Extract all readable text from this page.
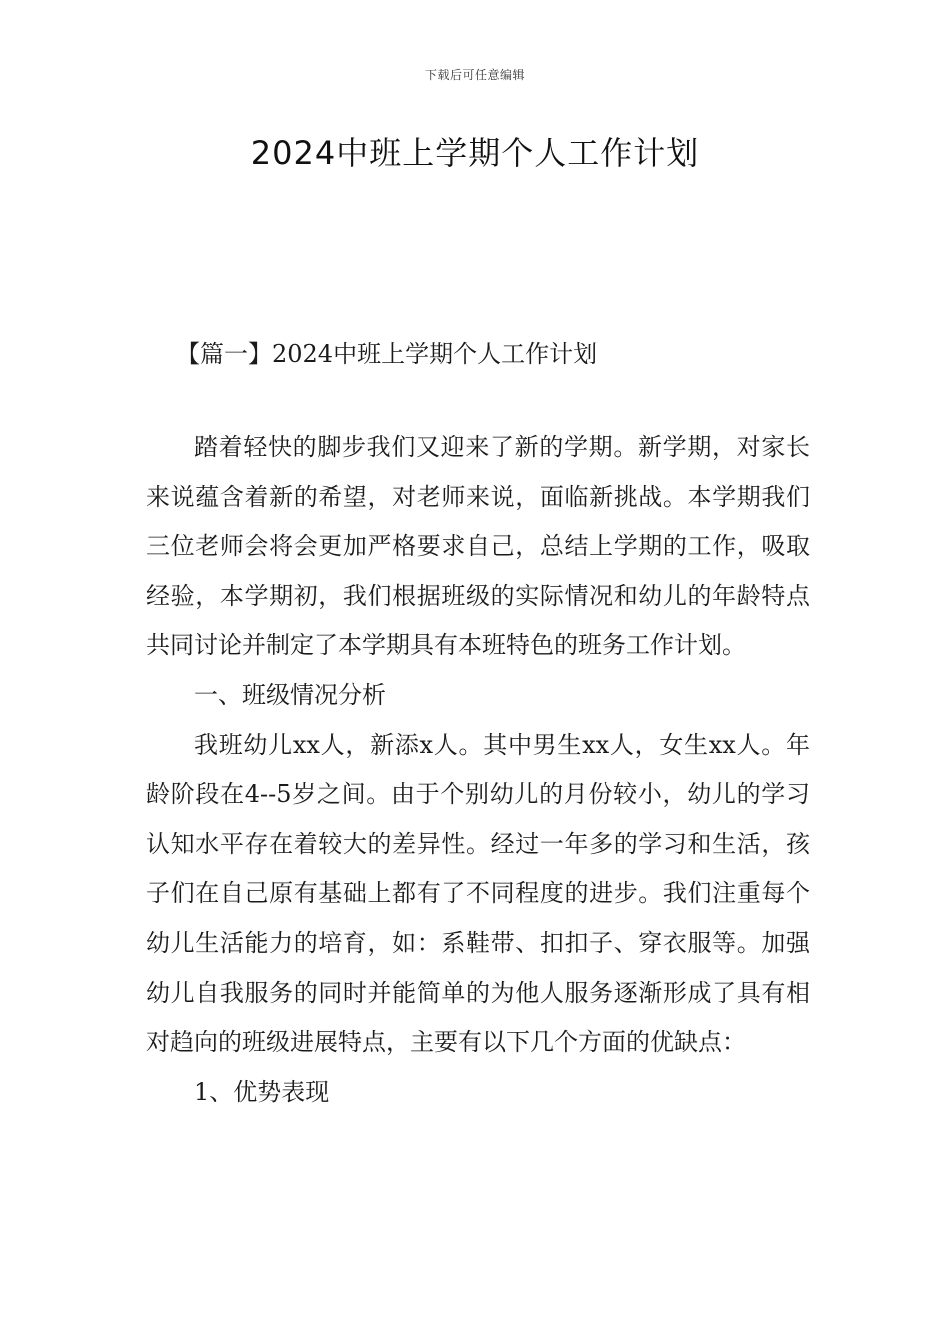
下载后可任意编辑
2024中班上学期个人工作计划
【篇一】2024中班上学期个人工作计划

踏着轻快的脚步我们又迎来了新的学期。新学期，对家长来说蕴含着新的希望，对老师来说，面临新挑战。本学期我们三位老师会将会更加严格要求自己，总结上学期的工作，吸取经验，本学期初，我们根据班级的实际情况和幼儿的年龄特点共同讨论并制定了本学期具有本班特色的班务工作计划。

一、班级情况分析

我班幼儿xx人，新添x人。其中男生xx人，女生xx人。年龄阶段在4--5岁之间。由于个别幼儿的月份较小，幼儿的学习认知水平存在着较大的差异性。经过一年多的学习和生活，孩子们在自己原有基础上都有了不同程度的进步。我们注重每个幼儿生活能力的培育，如：系鞋带、扣扣子、穿衣服等。加强幼儿自我服务的同时并能简单的为他人服务逐渐形成了具有相对趋向的班级进展特点，主要有以下几个方面的优缺点：

1、优势表现
